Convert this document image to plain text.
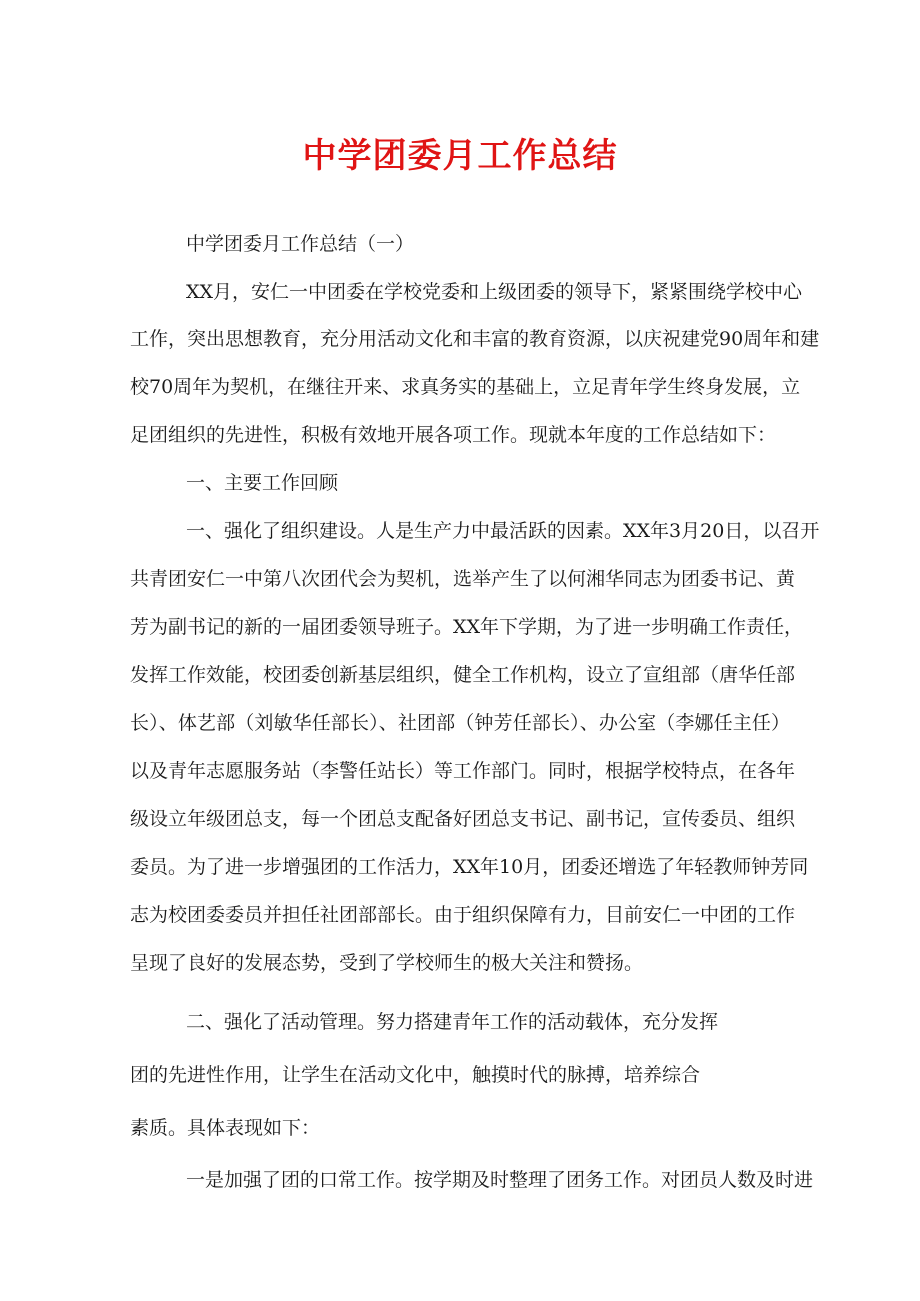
中学团委月工作总结

中学团委月工作总结（一）

XX月，安仁一中团委在学校党委和上级团委的领导下，紧紧围绕学校中心

工作，突出思想教育，充分用活动文化和丰富的教育资源，以庆祝建党90周年和建

校70周年为契机，在继往开来、求真务实的基础上，立足青年学生终身发展，立

足团组织的先进性，积极有效地开展各项工作。现就本年度的工作总结如下：

一、主要工作回顾

一、强化了组织建设。人是生产力中最活跃的因素。XX年3月20日，以召开

共青团安仁一中第八次团代会为契机，选举产生了以何湘华同志为团委书记、黄

芳为副书记的新的一届团委领导班子。XX年下学期，为了进一步明确工作责任，

发挥工作效能，校团委创新基层组织，健全工作机构，设立了宣组部（唐华任部

长）、体艺部（刘敏华任部长）、社团部（钟芳任部长）、办公室（李娜任主任）

以及青年志愿服务站（李警任站长）等工作部门。同时，根据学校特点，在各年

级设立年级团总支，每一个团总支配备好团总支书记、副书记，宣传委员、组织

委员。为了进一步增强团的工作活力，XX年10月，团委还增选了年轻教师钟芳同

志为校团委委员并担任社团部部长。由于组织保障有力，目前安仁一中团的工作

呈现了良好的发展态势，受到了学校师生的极大关注和赞扬。

二、强化了活动管理。努力搭建青年工作的活动载体，充分发挥

团的先进性作用，让学生在活动文化中，触摸时代的脉搏，培养综合

素质。具体表现如下：

一是加强了团的口常工作。按学期及时整理了团务工作。对团员人数及时进
